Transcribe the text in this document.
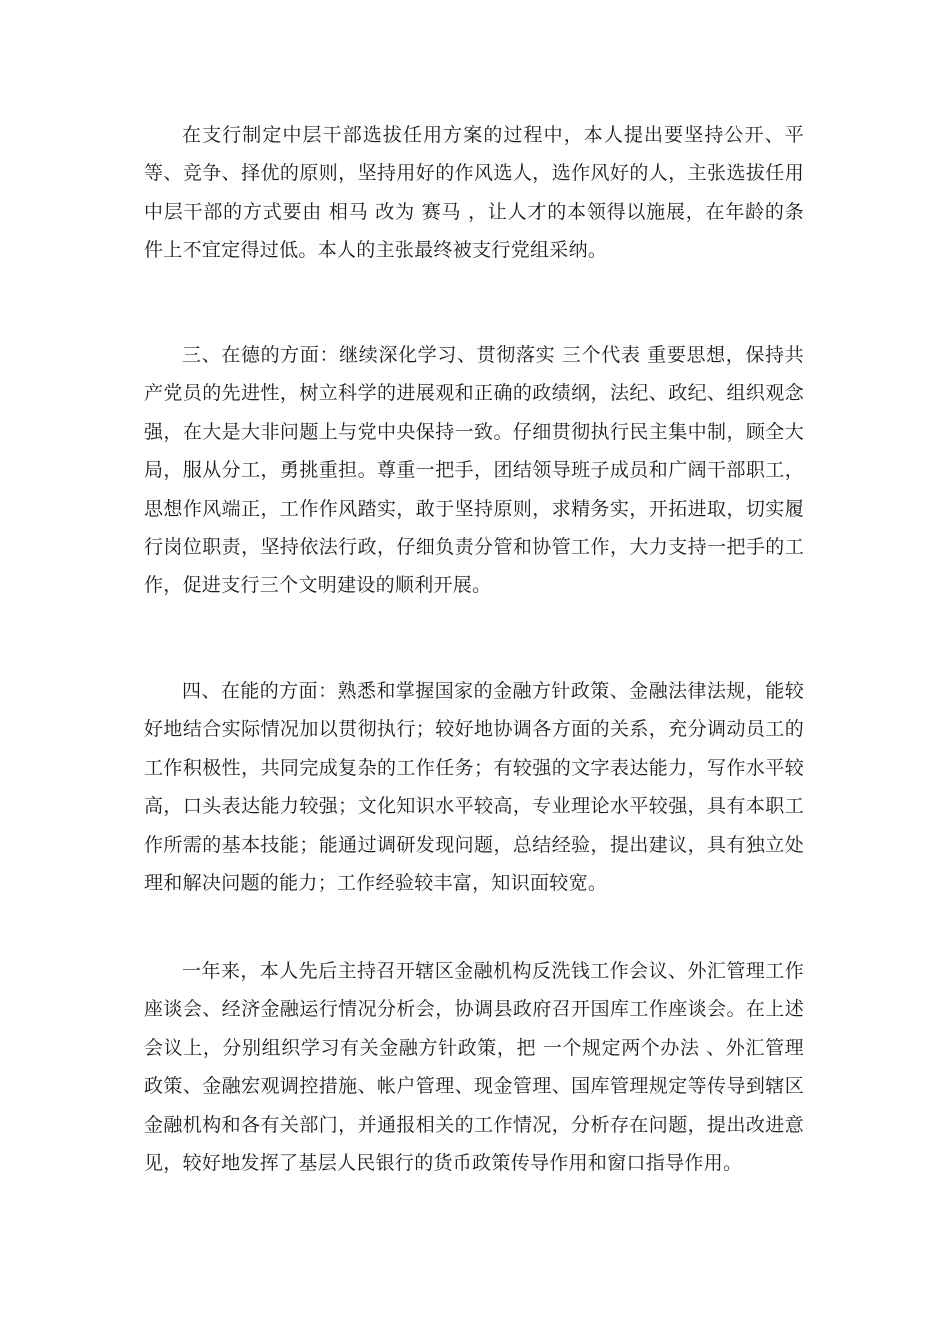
在支行制定中层干部选拔任用方案的过程中，本人提出要坚持公开、平等、竞争、择优的原则，坚持用好的作风选人，选作风好的人，主张选拔任用中层干部的方式要由 相马 改为 赛马 ，让人才的本领得以施展，在年龄的条件上不宜定得过低。本人的主张最终被支行党组采纳。

三、在德的方面：继续深化学习、贯彻落实 三个代表 重要思想，保持共产党员的先进性，树立科学的进展观和正确的政绩纲，法纪、政纪、组织观念强，在大是大非问题上与党中央保持一致。仔细贯彻执行民主集中制，顾全大局，服从分工，勇挑重担。尊重一把手，团结领导班子成员和广阔干部职工，思想作风端正，工作作风踏实，敢于坚持原则，求精务实，开拓进取，切实履行岗位职责，坚持依法行政，仔细负责分管和协管工作，大力支持一把手的工作，促进支行三个文明建设的顺利开展。

四、在能的方面：熟悉和掌握国家的金融方针政策、金融法律法规，能较好地结合实际情况加以贯彻执行；较好地协调各方面的关系，充分调动员工的工作积极性，共同完成复杂的工作任务；有较强的文字表达能力，写作水平较高，口头表达能力较强；文化知识水平较高，专业理论水平较强，具有本职工作所需的基本技能；能通过调研发现问题，总结经验，提出建议，具有独立处理和解决问题的能力；工作经验较丰富，知识面较宽。

一年来，本人先后主持召开辖区金融机构反洗钱工作会议、外汇管理工作座谈会、经济金融运行情况分析会，协调县政府召开国库工作座谈会。在上述会议上，分别组织学习有关金融方针政策，把 一个规定两个办法 、外汇管理政策、金融宏观调控措施、帐户管理、现金管理、国库管理规定等传导到辖区金融机构和各有关部门，并通报相关的工作情况，分析存在问题，提出改进意见，较好地发挥了基层人民银行的货币政策传导作用和窗口指导作用。
